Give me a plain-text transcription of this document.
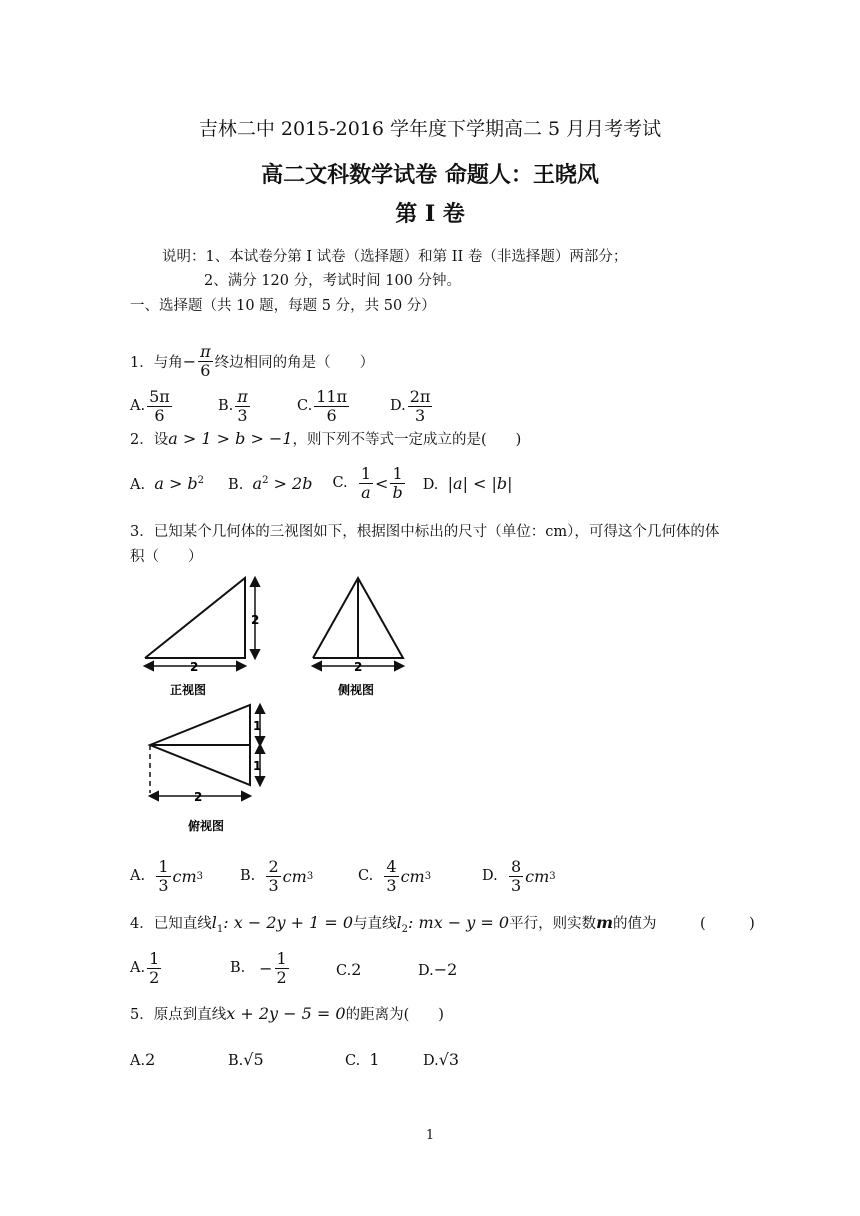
吉林二中 2015-2016 学年度下学期高二 5 月月考考试
高二文科数学试卷 命题人：王晓风
第 I 卷
说明：1、本试卷分第 I 试卷（选择题）和第 II 卷（非选择题）两部分；
2、满分 120 分，考试时间 100 分钟。
一、选择题（共 10 题，每题 5 分，共 50 分）
1．与角 − $\frac{\pi}{6}$ 终边相同的角是（　　）
A. $\frac{5\pi}{6}$	B. $\frac{\pi}{3}$	C. $\frac{11\pi}{6}$	D. $\frac{2\pi}{3}$
2．设a > 1 > b > −1，则下列不等式一定成立的是(　　)
A. $a > b^2$ B. $a^2 > 2b$ C.
$\frac{1}{a} < \frac{1}{b} D$. |a| < |b|
3．已知某个几何体的三视图如下，根据图中标出的尺寸（单位：cm），可得这个几何体的体
积（　　）
2
2	2
1
1
2
正视图	侧视图
俯视图
A.
$\frac{1}{3}$ cm 3	B.
$\frac{2}{3}$ cm 3	C.
$\frac{4}{3}$ cm 3	D.
$\frac{8}{3}$ cm 3
4．已知直线$l_1$: x − 2y + 1 = 0与直线$l_2$: mx − y = 0平行，则实数m的值为　　　(　　　)
A. $\frac{1}{2}$	B.
− $\frac{1}{2}$	C.2	D.−2
5．原点到直线x + 2y − 5 = 0的距离为(　　)
A.2	B.√5	C. 1	D.√3
1
